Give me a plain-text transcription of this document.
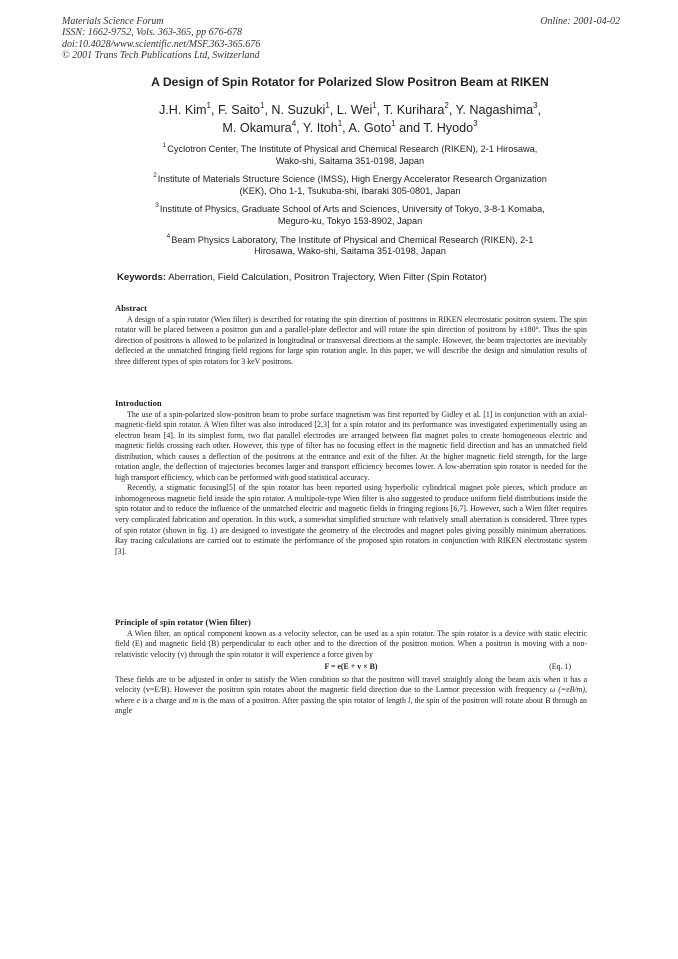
Materials Science Forum
ISSN: 1662-9752, Vols. 363-365, pp 676-678
doi:10.4028/www.scientific.net/MSF.363-365.676
© 2001 Trans Tech Publications Ltd, Switzerland
Online: 2001-04-02
A Design of Spin Rotator for Polarized Slow Positron Beam at RIKEN
J.H. Kim$^1$, F. Saito$^1$, N. Suzuki$^1$, L. Wei$^1$, T. Kurihara$^2$, Y. Nagashima$^3$,
M. Okamura$^4$, Y. Itoh$^1$, A. Goto$^1$ and T. Hyodo$^3$
$^1$Cyclotron Center, The Institute of Physical and Chemical Research (RIKEN), 2-1 Hirosawa,
Wako-shi, Saitama 351-0198, Japan
$^2$Institute of Materials Structure Science (IMSS), High Energy Accelerator Research Organization
(KEK), Oho 1-1, Tsukuba-shi, Ibaraki 305-0801, Japan
$^3$Institute of Physics, Graduate School of Arts and Sciences, University of Tokyo, 3-8-1 Komaba,
Meguro-ku, Tokyo 153-8902, Japan
$^4$Beam Physics Laboratory, The Institute of Physical and Chemical Research (RIKEN), 2-1
Hirosawa, Wako-shi, Saitama 351-0198, Japan
Keywords: Aberration, Field Calculation, Positron Trajectory, Wien Filter (Spin Rotator)
Abstract

A design of a spin rotator (Wien filter) is described for rotating the spin direction of positrons in RIKEN electrostatic positron system. The spin rotator will be placed between a positron gun and a parallel-plate deflector and will rotate the spin direction of positrons by ±180°. Thus the spin direction of positrons is allowed to be polarized in longitudinal or transversal directions at the sample. However, the beam trajectories are inevitably deflected at the unmatched fringing field regions for large spin rotation angle. In this paper, we will describe the design and simulation results of three different types of spin rotators for 3 keV positrons.

Introduction

The use of a spin-polarized slow-positron beam to probe surface magnetism was first reported by Gidley et al. [1] in conjunction with an axial-magnetic-field spin rotator. A Wien filter was also introduced [2,3] for a spin rotator and its performance was investigated experimentally using an electron beam [4]. In its simplest form, two flat parallel electrodes are arranged between flat magnet poles to create homogeneous electric and magnetic fields crossing each other. However, this type of filter has no focusing effect in the magnetic field direction and has an unmatched field distribution, which causes a deflection of the positrons at the entrance and exit of the filter. At the higher magnetic field strength, for the large rotation angle, the deflection of trajectories becomes larger and transport efficiency becomes lower. A low-aberration spin rotator is needed for the high transport efficiency, which can be performed with good statistical accuracy.

Recently, a stigmatic focusing[5] of the spin rotator has been reported using hyperbolic cylindrical magnet pole pieces, which produce an inhomogeneous magnetic field inside the spin rotator. A multipole-type Wien filter is also suggested to produce uniform field distributions inside the spin rotator and to reduce the influence of the unmatched electric and magnetic fields in fringing regions [6,7]. However, such a Wien filter requires very complicated fabrication and operation. In this work, a somewhat simplified structure with relatively small aberration is considered. Three types of spin rotator (shown in fig. 1) are designed to investigate the geometry of the electrodes and magnet poles giving possibly minimum aberrations. Ray tracing calculations are carried out to estimate the performance of the proposed spin rotators in conjunction with RIKEN electrostatic system [3].

Principle of spin rotator (Wien filter)

A Wien filter, an optical component known as a velocity selector, can be used as a spin rotator. The spin rotator is a device with static electric field (E) and magnetic field (B) perpendicular to each other and to the direction of the positron motion. When a positron is moving with a non-relativistic velocity (v) through the spin rotator it will experience a force given by

F = e(E + v × B)	(Eq. 1)

These fields are to be adjusted in order to satisfy the Wien condition so that the positron will travel straightly along the beam axis when it has a velocity (v=E/B). However the positron spin rotates about the magnetic field direction due to the Larmor precession with frequency ω (=eB/m), where e is a charge and m is the mass of a positron. After passing the spin rotator of length l, the spin of the positron will rotate about B through an angle
